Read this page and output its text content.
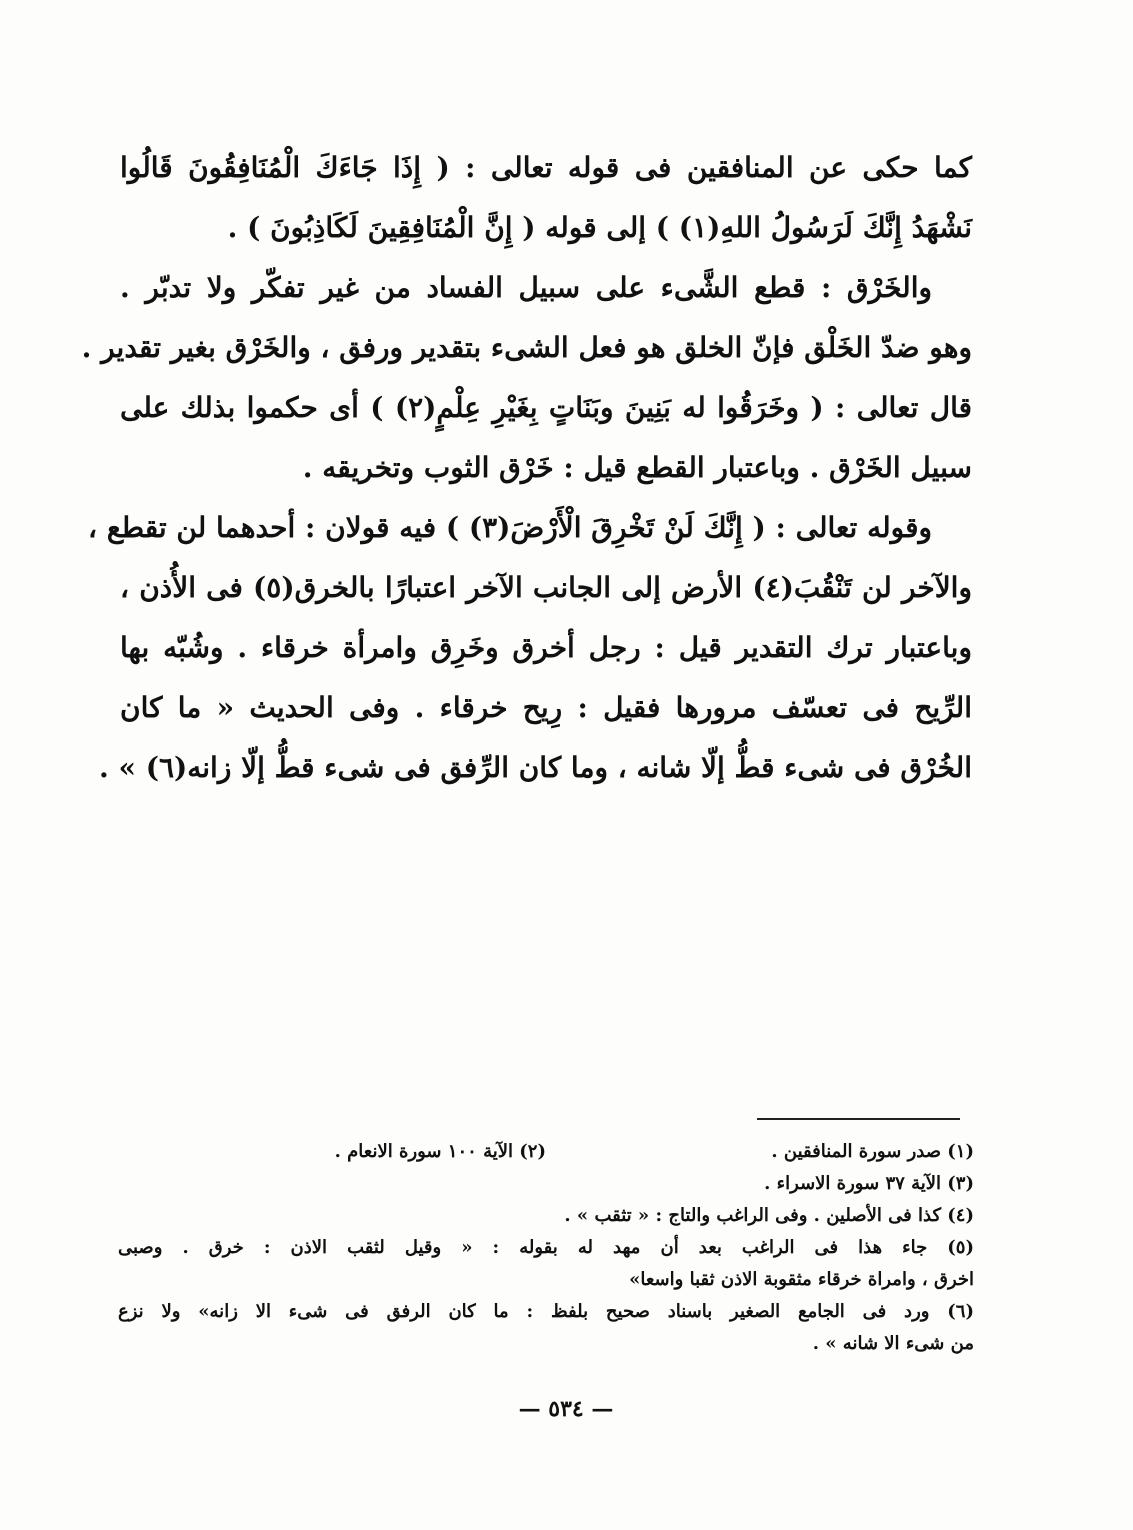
كما حكى عن المنافقين فى قوله تعالى : ( إِذَا جَاءَكَ الْمُنَافِقُونَ قَالُوا
نَشْهَدُ إِنَّكَ لَرَسُولُ اللهِ(١) ) إلى قوله ( إِنَّ الْمُنَافِقِينَ لَكَاذِبُونَ ) .
والخَرْق : قطع الشَّىء على سبيل الفساد من غير تفكّر ولا تدبّر .
وهو ضدّ الخَلْق فإنّ الخلق هو فعل الشىء بتقدير ورفق ، والخَرْق بغير تقدير .
قال تعالى : ( وخَرَقُوا له بَنِينَ وبَنَاتٍ بِغَيْرِ عِلْمٍ(٢) ) أى حكموا بذلك على
سبيل الخَرْق . وباعتبار القطع قيل : خَرْق الثوب وتخريقه .
وقوله تعالى : ( إِنَّكَ لَنْ تَخْرِقَ الْأَرْضَ(٣) ) فيه قولان : أحدهما لن تقطع ،
والآخر لن تَنْقُبَ(٤) الأرض إلى الجانب الآخر اعتبارًا بالخرق(٥) فى الأُذن ،
وباعتبار ترك التقدير قيل : رجل أخرق وخَرِق وامرأة خرقاء . وشُبّه بها
الرِّيح فى تعسّف مرورها فقيل : رِيح خرقاء . وفى الحديث « ما كان
الخُرْق فى شىء قطُّ إلّا شانه ، وما كان الرِّفق فى شىء قطُّ إلّا زانه(٦) » .
(١) صدر سورة المنافقين .
(٢) الآية ١٠٠ سورة الانعام .
(٣) الآية ٣٧ سورة الاسراء .
(٤) كذا فى الأصلين . وفى الراغب والتاج : « تثقب » .
(٥) جاء هذا فى الراغب بعد أن مهد له بقوله : « وقيل لثقب الاذن : خرق . وصبى
اخرق ، وامراة خرقاء مثقوبة الاذن ثقبا واسعا»
(٦) ورد فى الجامع الصغير باسناد صحيح بلفظ : ما كان الرفق فى شىء الا زانه» ولا نزع
من شىء الا شانه » .
— ٥٣٤ —
